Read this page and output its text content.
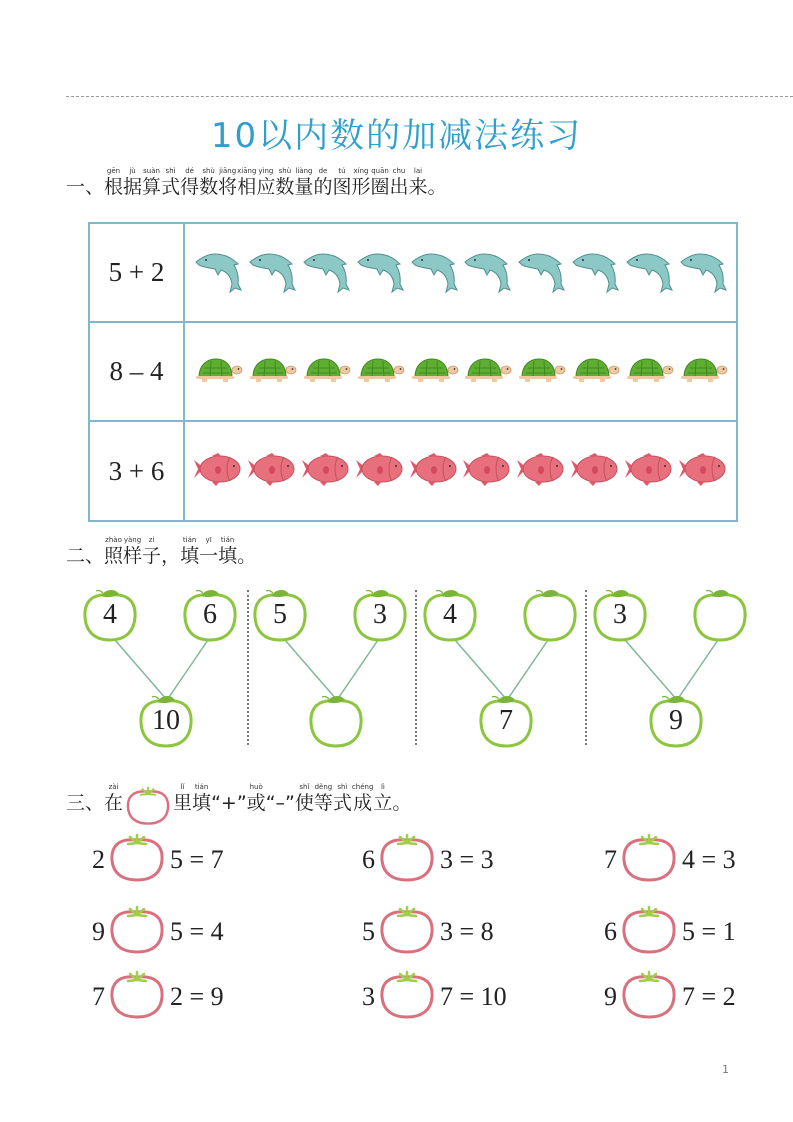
10以内数的加减法练习
一、
gēn
根
jù
据
suàn
算
shì
式
dé
得
shù
数
jiāng
将
xiāng
相
yìng
应
shù
数
liàng
量
de
的
tú
图
xíng
形
quān
圈
chu
出
lai
来 。
5 + 2
8 – 4
3 + 6
二、
zhào
照
yàng
样
zi
子 ，
tián
填
yī
一
tián
填 。
4	6
10
5	3	4
7
3
9
三、
zài
在
lǐ
里
tián
填 “+”
huò
或 “–”
shǐ
使
děng
等
shì
式
chéng
成
lì
立 。
2	5 = 7	6	3 = 3	7	4 = 3
9	5 = 4	5	3 = 8	6	5 = 1
7	2 = 9	3	7 = 10	9	7 = 2
1
